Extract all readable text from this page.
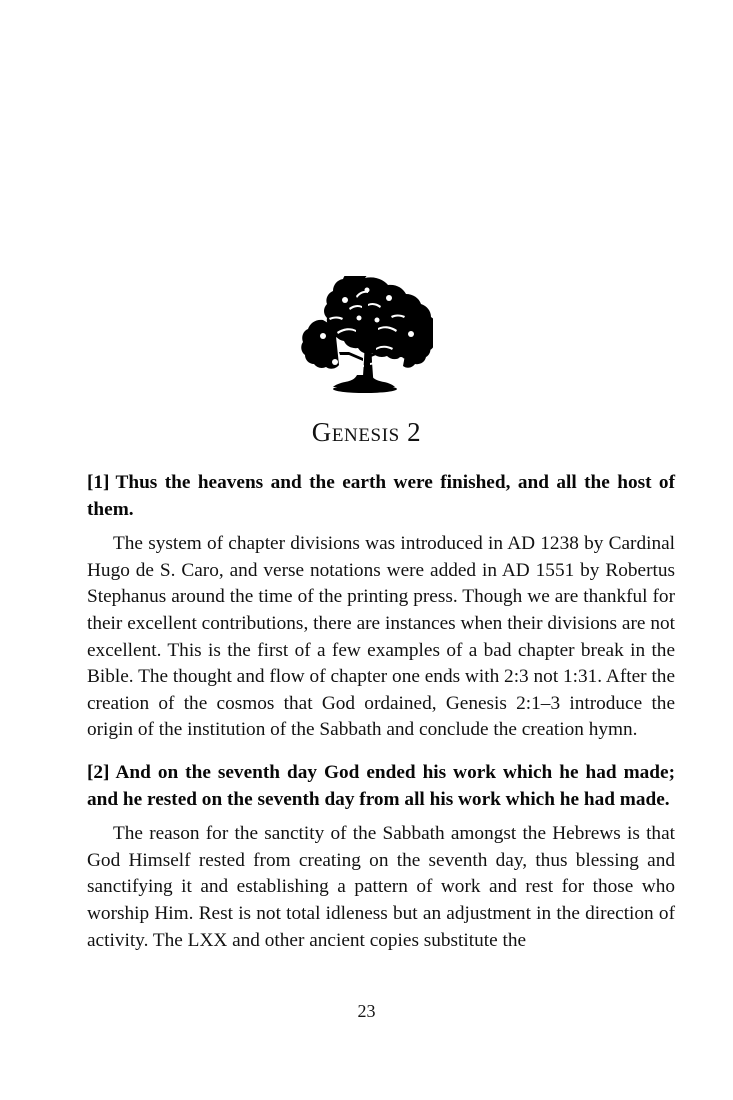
Genesis 2

[1] Thus the heavens and the earth were finished, and all the host of them.

The system of chapter divisions was introduced in AD 1238 by Cardinal Hugo de S. Caro, and verse notations were added in AD 1551 by Robertus Stephanus around the time of the printing press. Though we are thankful for their excellent contributions, there are instances when their divisions are not excellent. This is the first of a few examples of a bad chapter break in the Bible. The thought and flow of chapter one ends with 2:3 not 1:31. After the creation of the cosmos that God ordained, Genesis 2:1–3 introduce the origin of the institution of the Sabbath and conclude the creation hymn.

[2] And on the seventh day God ended his work which he had made; and he rested on the seventh day from all his work which he had made.

The reason for the sanctity of the Sabbath amongst the Hebrews is that God Himself rested from creating on the seventh day, thus blessing and sanctifying it and establishing a pattern of work and rest for those who worship Him. Rest is not total idleness but an adjustment in the direction of activity. The LXX and other ancient copies substitute the

23
